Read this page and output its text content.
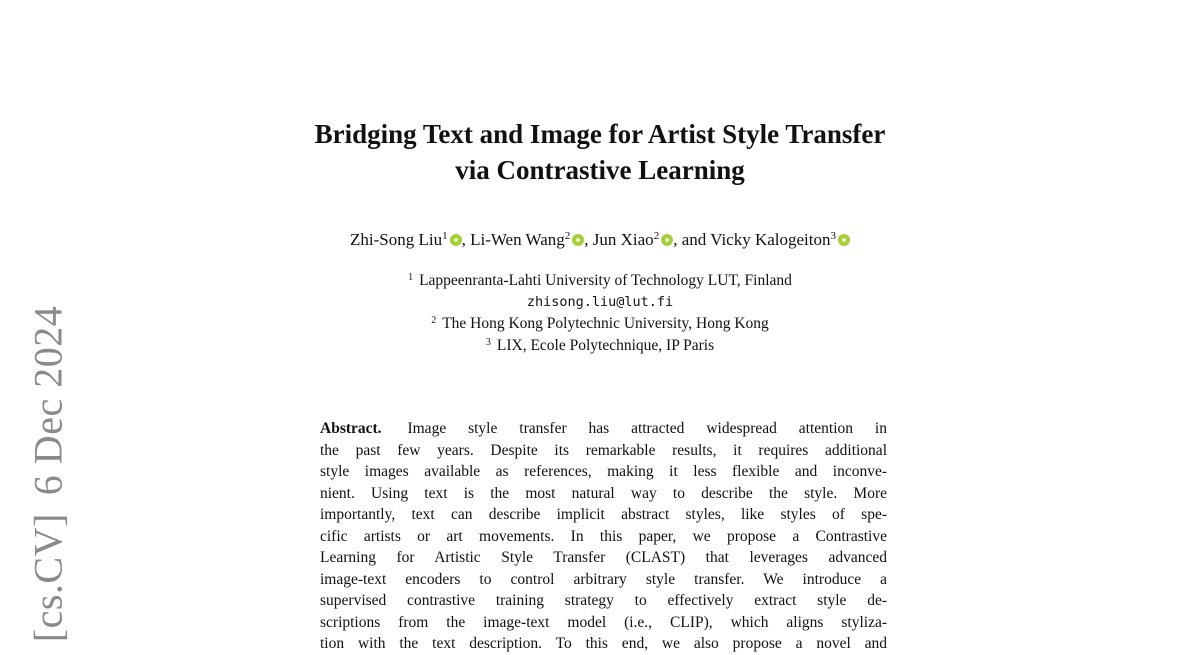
[cs.CV]6 Dec 2024
Bridging Text and Image for Artist Style Transfer
via Contrastive Learning
Zhi-Song Liu$^1$ , Li-Wen Wang$^2$ , Jun Xiao$^2$ , and Vicky Kalogeiton$^3$
$^1$ Lappeenranta-Lahti University of Technology LUT, Finland
zhisong.liu@lut.fi
$^2$ The Hong Kong Polytechnic University, Hong Kong
$^3$ LIX, Ecole Polytechnique, IP Paris
Abstract. Image style transfer has attracted widespread attention in
the past few years. Despite its remarkable results, it requires additional
style images available as references, making it less flexible and inconve-
nient. Using text is the most natural way to describe the style. More
importantly, text can describe implicit abstract styles, like styles of spe-
cific artists or art movements. In this paper, we propose a Contrastive
Learning for Artistic Style Transfer (CLAST) that leverages advanced
image-text encoders to control arbitrary style transfer. We introduce a
supervised contrastive training strategy to effectively extract style de-
scriptions from the image-text model (i.e., CLIP), which aligns styliza-
tion with the text description. To this end, we also propose a novel and
